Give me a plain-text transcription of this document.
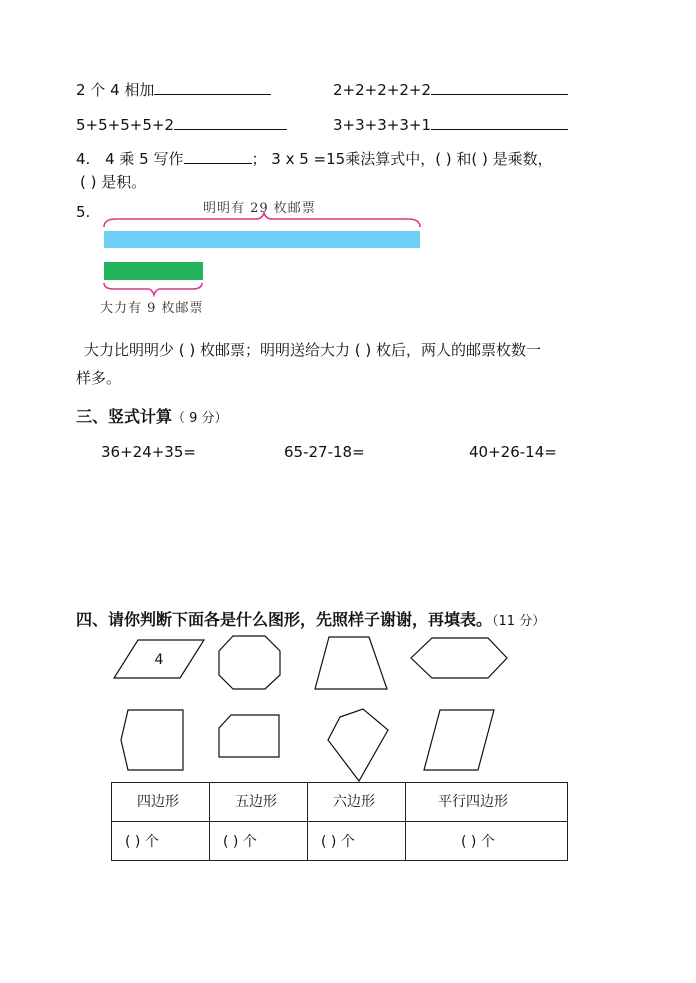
2 个 4 相加	2+2+2+2+2
5+5+5+5+2	3+3+3+3+1
4. 4 乘 5 写作	； 3 x 5 =15乘法算式中，( ) 和( ) 是乘数，
( ) 是积。
5.	明明有 29 枚邮票
大力有 9 枚邮票
大力比明明少 ( ) 枚邮票；明明送给大力 ( ) 枚后，两人的邮票枚数一
样多。
三、竖式计算（ 9 分）
36+24+35=	65-27-18=	40+26-14=
四、请你判断下面各是什么图形，先照样子谢谢，再填表。（11 分）
4
四边形	五边形	六边形	平行四边形
( ) 个	( ) 个	( ) 个	( ) 个
